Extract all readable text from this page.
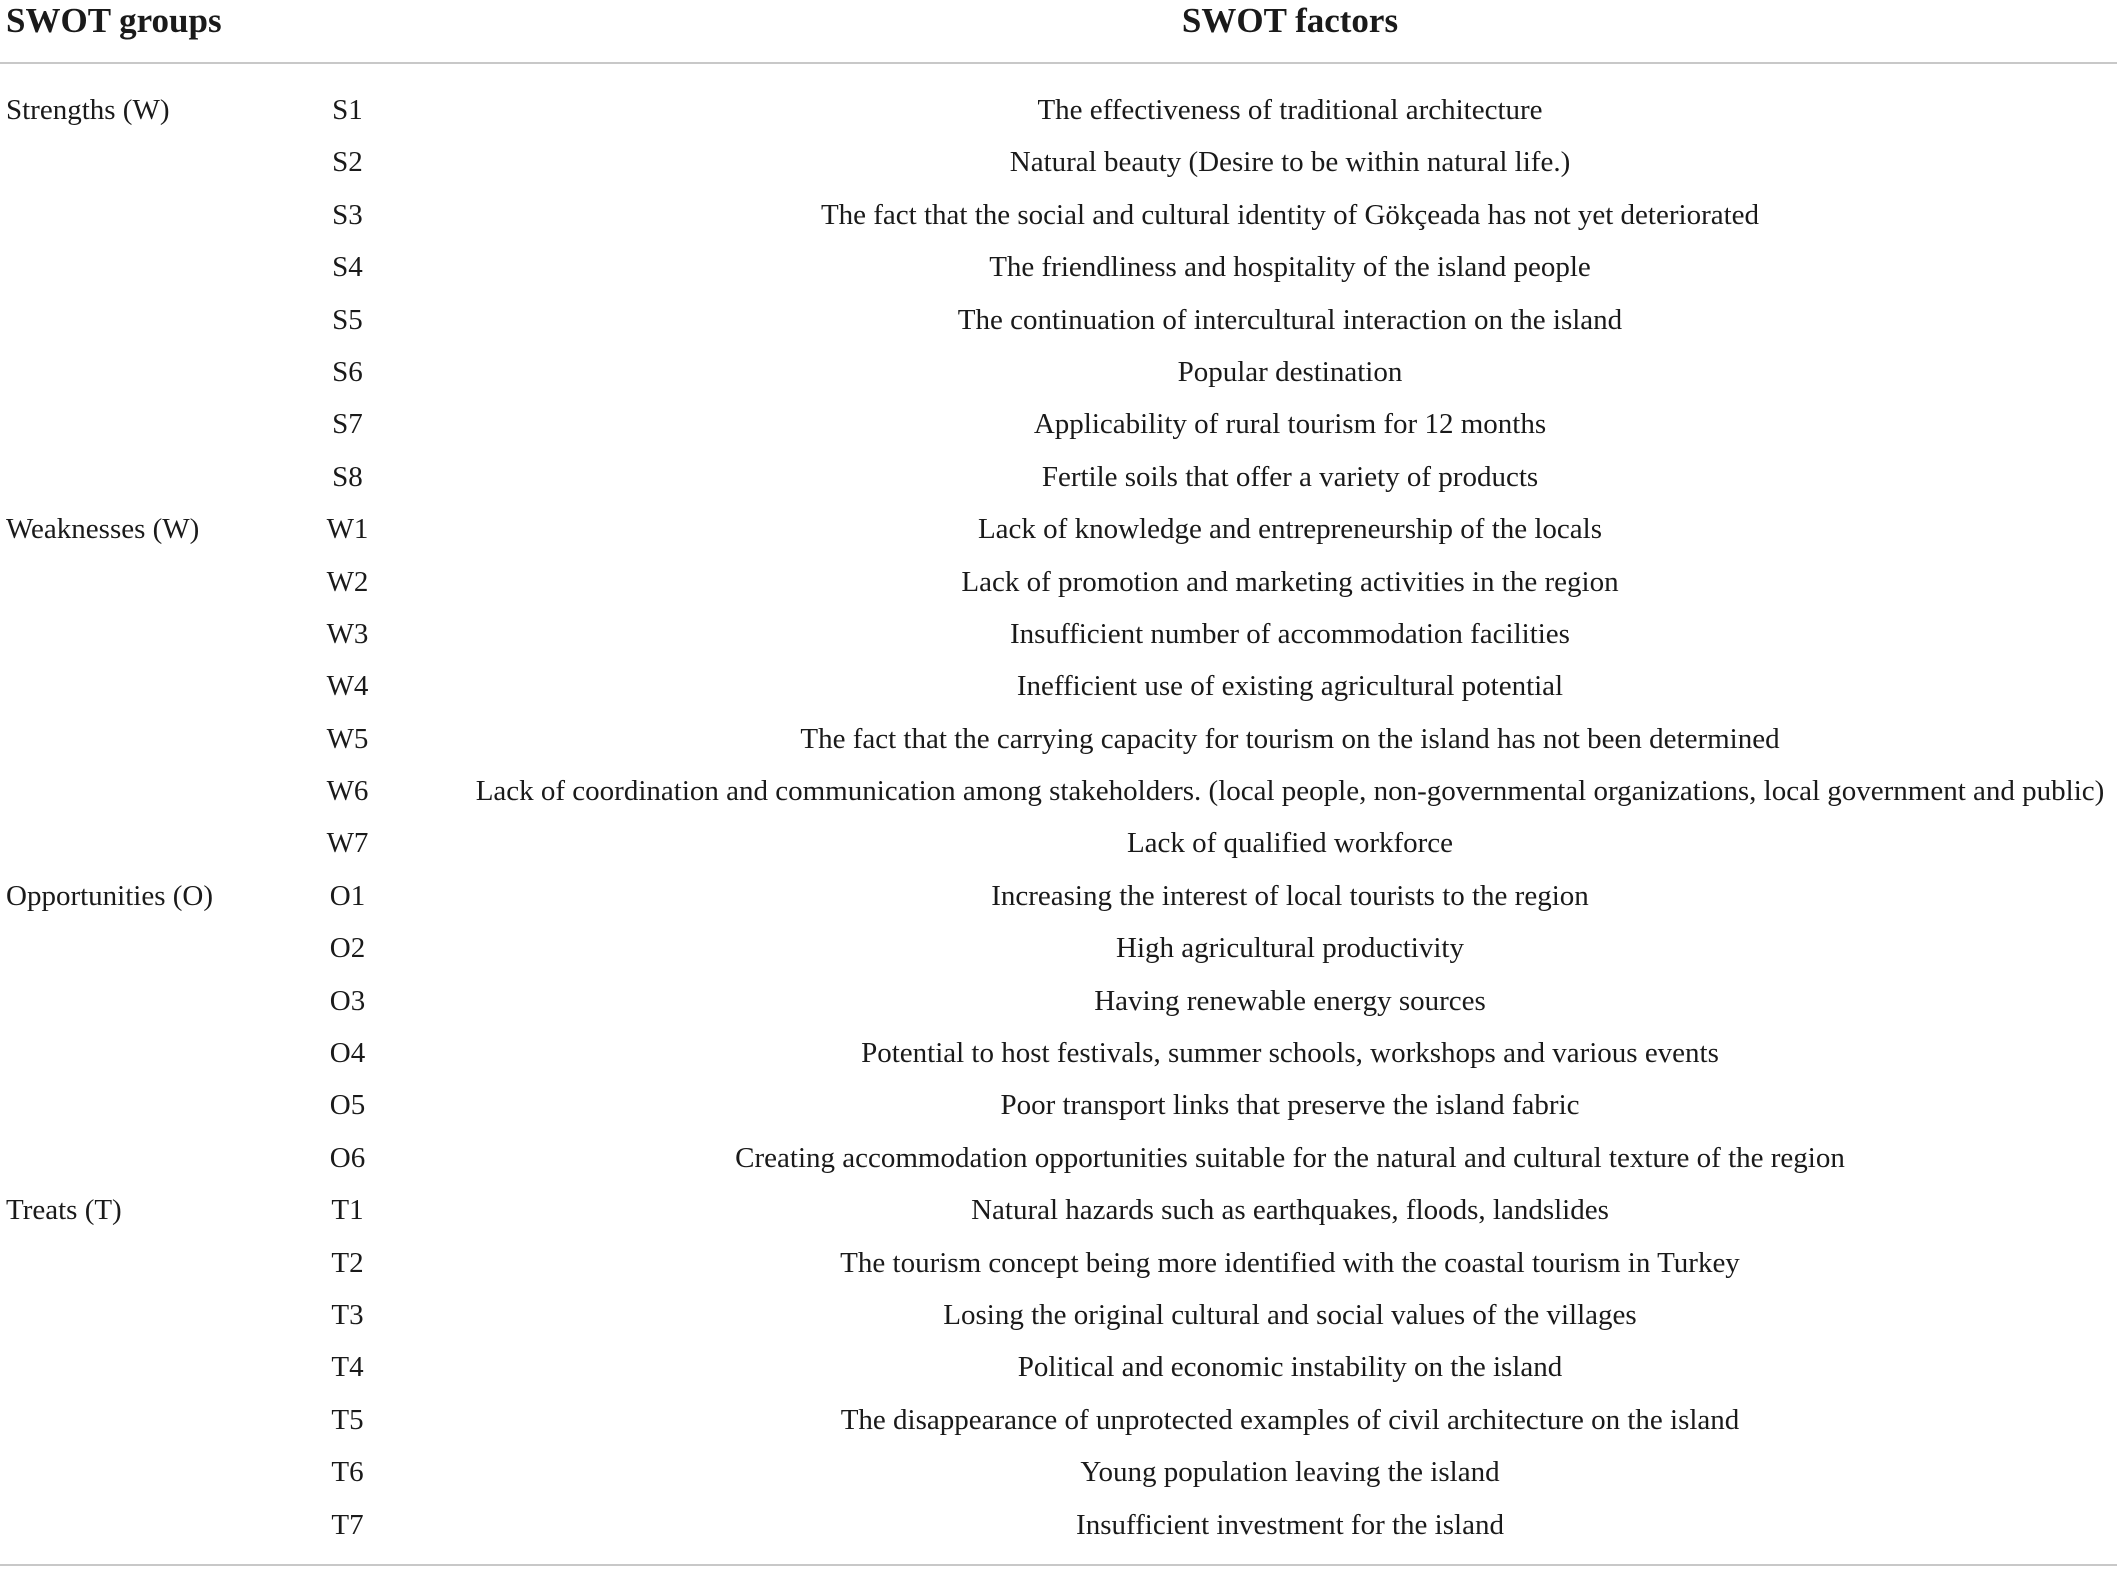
SWOT groups	SWOT factors
Strengths (W)	S1	The effectiveness of traditional architecture
S2	Natural beauty (Desire to be within natural life.)
S3	The fact that the social and cultural identity of Gökçeada has not yet deteriorated
S4	The friendliness and hospitality of the island people
S5	The continuation of intercultural interaction on the island
S6	Popular destination
S7	Applicability of rural tourism for 12 months
S8	Fertile soils that offer a variety of products
Weaknesses (W)	W1	Lack of knowledge and entrepreneurship of the locals
W2	Lack of promotion and marketing activities in the region
W3	Insufficient number of accommodation facilities
W4	Inefficient use of existing agricultural potential
W5	The fact that the carrying capacity for tourism on the island has not been determined
W6	Lack of coordination and communication among stakeholders. (local people, non-governmental organizations, local government and public)
W7	Lack of qualified workforce
Opportunities (O)	O1	Increasing the interest of local tourists to the region
O2	High agricultural productivity
O3	Having renewable energy sources
O4	Potential to host festivals, summer schools, workshops and various events
O5	Poor transport links that preserve the island fabric
O6	Creating accommodation opportunities suitable for the natural and cultural texture of the region
Treats (T)	T1	Natural hazards such as earthquakes, floods, landslides
T2	The tourism concept being more identified with the coastal tourism in Turkey
T3	Losing the original cultural and social values of the villages
T4	Political and economic instability on the island
T5	The disappearance of unprotected examples of civil architecture on the island
T6	Young population leaving the island
T7	Insufficient investment for the island
